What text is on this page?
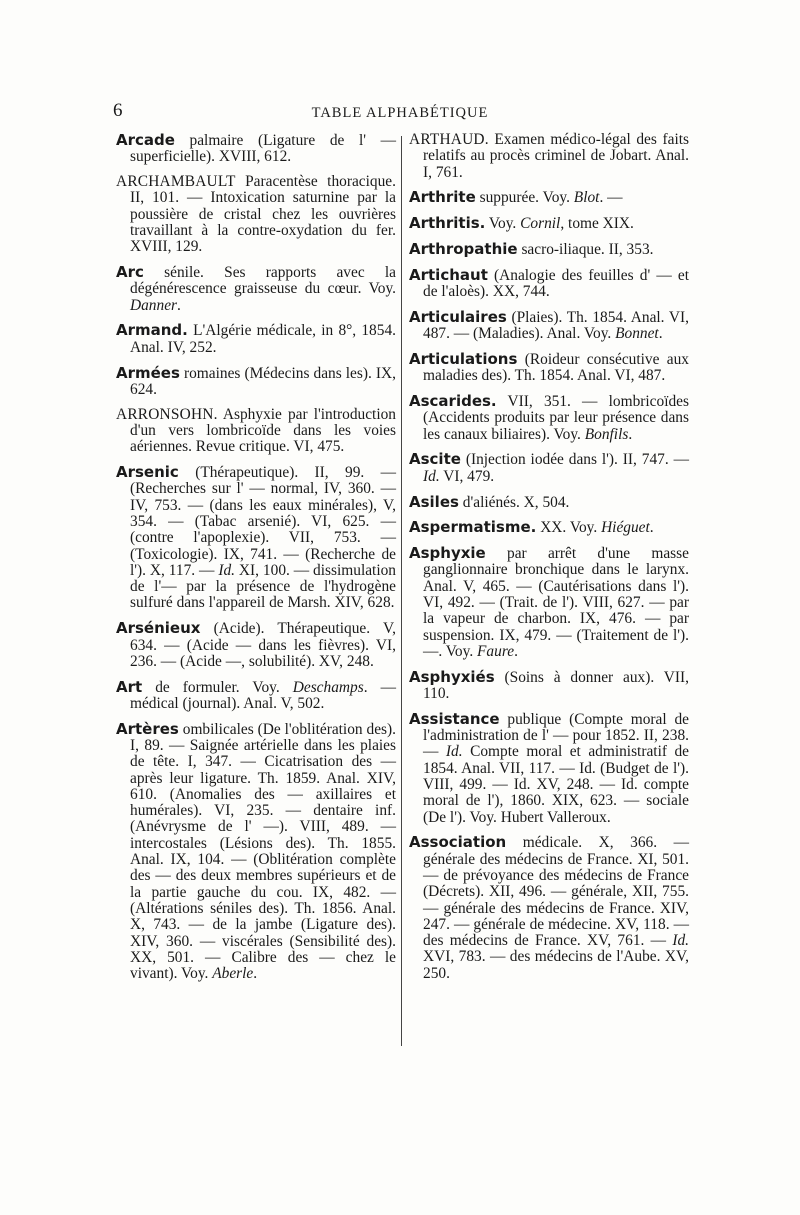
6	TABLE ALPHABÉTIQUE

Arcade palmaire (Ligature de l' — superficielle). XVIII, 612.

ARCHAMBAULT Paracentèse thoracique. II, 101. — Intoxication saturnine par la poussière de cristal chez les ouvrières travaillant à la contre-oxydation du fer. XVIII, 129.

Arc sénile. Ses rapports avec la dégénérescence graisseuse du cœur. Voy. Danner.

Armand. L'Algérie médicale, in 8°, 1854. Anal. IV, 252.

Armées romaines (Médecins dans les). IX, 624.

ARRONSOHN. Asphyxie par l'introduction d'un vers lombricoïde dans les voies aériennes. Revue critique. VI, 475.

Arsenic (Thérapeutique). II, 99. — (Recherches sur l' — normal, IV, 360. — IV, 753. — (dans les eaux minérales), V, 354. — (Tabac arsenié). VI, 625. — (contre l'apoplexie). VII, 753. — (Toxicologie). IX, 741. — (Recherche de l'). X, 117. — Id. XI, 100. — dissimulation de l'— par la présence de l'hydrogène sulfuré dans l'appareil de Marsh. XIV, 628.

Arsénieux (Acide). Thérapeutique. V, 634. — (Acide — dans les fièvres). VI, 236. — (Acide —, solubilité). XV, 248.

Art de formuler. Voy. Deschamps. — médical (journal). Anal. V, 502.

Artères ombilicales (De l'oblitération des). I, 89. — Saignée artérielle dans les plaies de tête. I, 347. — Cicatrisation des — après leur ligature. Th. 1859. Anal. XIV, 610. (Anomalies des — axillaires et humérales). VI, 235. — dentaire inf. (Anévrysme de l' —). VIII, 489. — intercostales (Lésions des). Th. 1855. Anal. IX, 104. — (Oblitération complète des — des deux membres supérieurs et de la partie gauche du cou. IX, 482. — (Altérations séniles des). Th. 1856. Anal. X, 743. — de la jambe (Ligature des). XIV, 360. — viscérales (Sensibilité des). XX, 501. — Calibre des — chez le vivant). Voy. Aberle.

ARTHAUD. Examen médico-légal des faits relatifs au procès criminel de Jobart. Anal. I, 761.

Arthrite suppurée. Voy. Blot. —

Arthritis. Voy. Cornil, tome XIX.

Arthropathie sacro-iliaque. II, 353.

Artichaut (Analogie des feuilles d' — et de l'aloès). XX, 744.

Articulaires (Plaies). Th. 1854. Anal. VI, 487. — (Maladies). Anal. Voy. Bonnet.

Articulations (Roideur consécutive aux maladies des). Th. 1854. Anal. VI, 487.

Ascarides. VII, 351. — lombricoïdes (Accidents produits par leur présence dans les canaux biliaires). Voy. Bonfils.

Ascite (Injection iodée dans l'). II, 747. — Id. VI, 479.

Asiles d'aliénés. X, 504.

Aspermatisme. XX. Voy. Hiéguet.

Asphyxie par arrêt d'une masse ganglionnaire bronchique dans le larynx. Anal. V, 465. — (Cautérisations dans l'). VI, 492. — (Trait. de l'). VIII, 627. — par la vapeur de charbon. IX, 476. — par suspension. IX, 479. — (Traitement de l'). —. Voy. Faure.

Asphyxiés (Soins à donner aux). VII, 110.

Assistance publique (Compte moral de l'administration de l' — pour 1852. II, 238. — Id. Compte moral et administratif de 1854. Anal. VII, 117. — Id. (Budget de l'). VIII, 499. — Id. XV, 248. — Id. compte moral de l'), 1860. XIX, 623. — sociale (De l'). Voy. Hubert Valleroux.

Association médicale. X, 366. — générale des médecins de France. XI, 501. — de prévoyance des médecins de France (Décrets). XII, 496. — générale, XII, 755. — générale des médecins de France. XIV, 247. — générale de médecine. XV, 118. — des médecins de France. XV, 761. — Id. XVI, 783. — des médecins de l'Aube. XV, 250.
